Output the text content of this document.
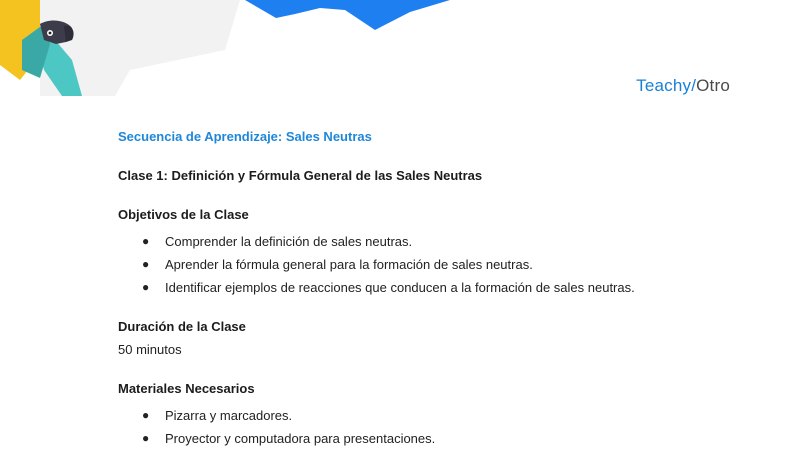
Teachy/Otro
Secuencia de Aprendizaje: Sales Neutras
Clase 1: Definición y Fórmula General de las Sales Neutras
Objetivos de la Clase
● Comprender la definición de sales neutras.
● Aprender la fórmula general para la formación de sales neutras.
● Identificar ejemplos de reacciones que conducen a la formación de sales neutras.
Duración de la Clase
50 minutos
Materiales Necesarios
● Pizarra y marcadores.
● Proyector y computadora para presentaciones.
